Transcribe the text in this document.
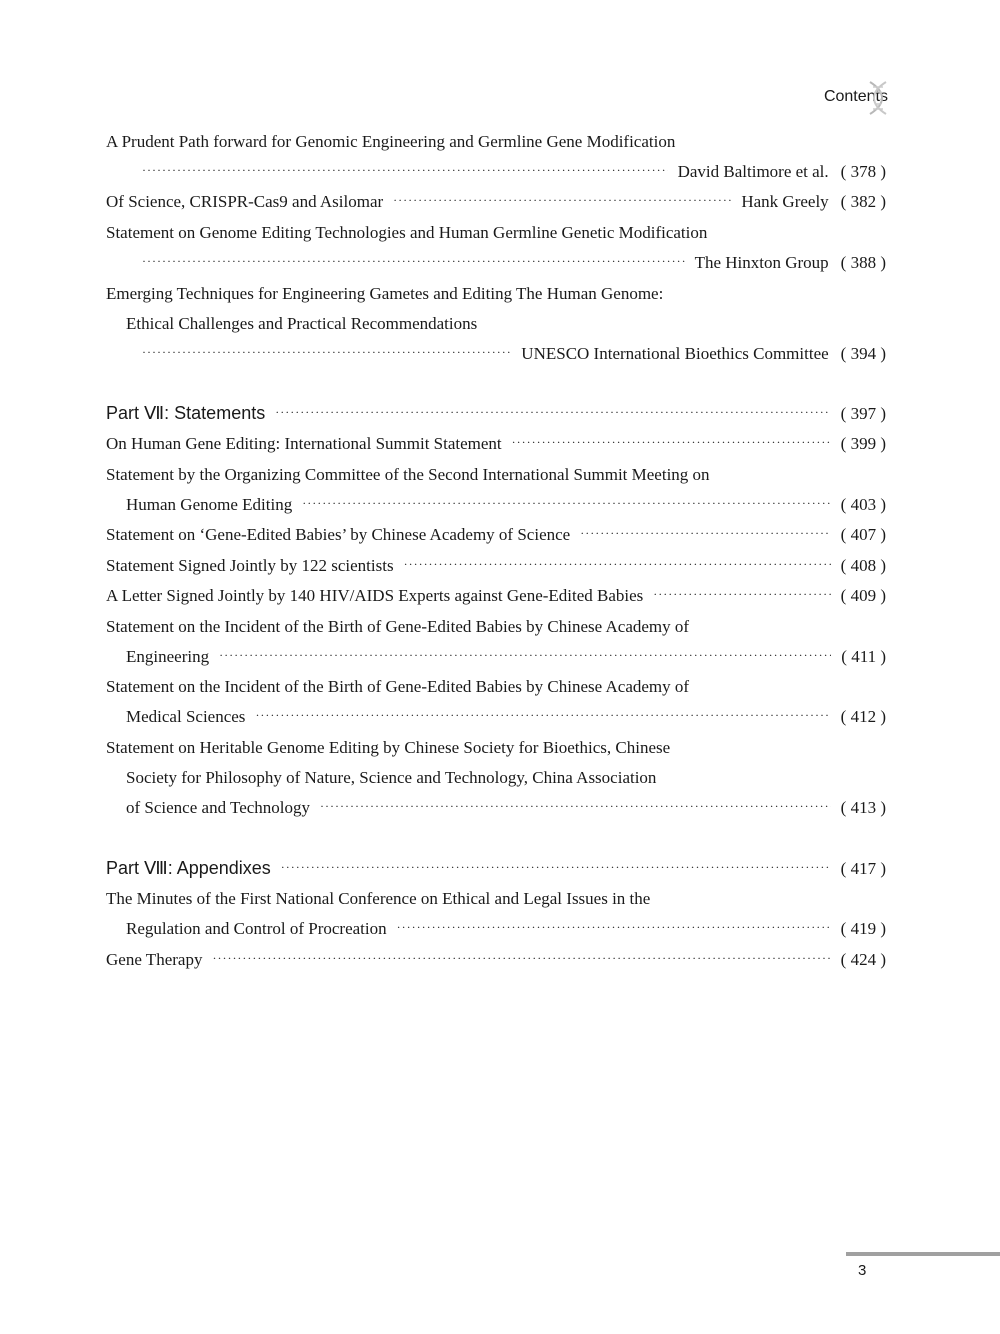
Contents
A Prudent Path forward for Genomic Engineering and Germline Gene Modification
·····
David Baltimore et al. ( 378 )
Of Science, CRISPR-Cas9 and Asilomar ·····	Hank Greely ( 382 )
Statement on Genome Editing Technologies and Human Germline Genetic Modification
·····
The Hinxton Group ( 388 )
Emerging Techniques for Engineering Gametes and Editing The Human Genome:
Ethical Challenges and Practical Recommendations
·····
UNESCO International Bioethics Committee ( 394 )
Part Ⅶ: Statements ·····	( 397 )
On Human Gene Editing: International Summit Statement ·····	( 399 )
Statement by the Organizing Committee of the Second International Summit Meeting on
Human Genome Editing ·····	( 403 )
Statement on ‘Gene-Edited Babies’ by Chinese Academy of Science ·····	( 407 )
Statement Signed Jointly by 122 scientists ·····	( 408 )
A Letter Signed Jointly by 140 HIV/AIDS Experts against Gene-Edited Babies ·····	( 409 )
Statement on the Incident of the Birth of Gene-Edited Babies by Chinese Academy of
Engineering ·····	( 411 )
Statement on the Incident of the Birth of Gene-Edited Babies by Chinese Academy of
Medical Sciences ·····	( 412 )
Statement on Heritable Genome Editing by Chinese Society for Bioethics, Chinese
Society for Philosophy of Nature, Science and Technology, China Association
of Science and Technology ·····	( 413 )
Part Ⅷ: Appendixes ·····	( 417 )
The Minutes of the First National Conference on Ethical and Legal Issues in the
Regulation and Control of Procreation ·····	( 419 )
Gene Therapy ·····	( 424 )
3
